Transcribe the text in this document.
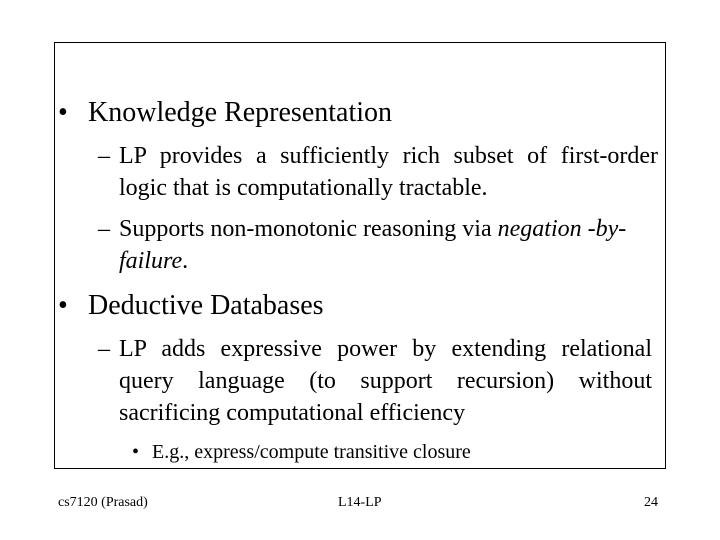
• Knowledge Representation
– LP provides a sufficiently rich subset of first-order logic that is computationally tractable.
– Supports non-monotonic reasoning via negation -by-failure.
• Deductive Databases
– LP adds expressive power by extending relational query language (to support recursion) without sacrificing computational efficiency
• E.g., express/compute transitive closure
cs7120 (Prasad)	L14-LP	24
